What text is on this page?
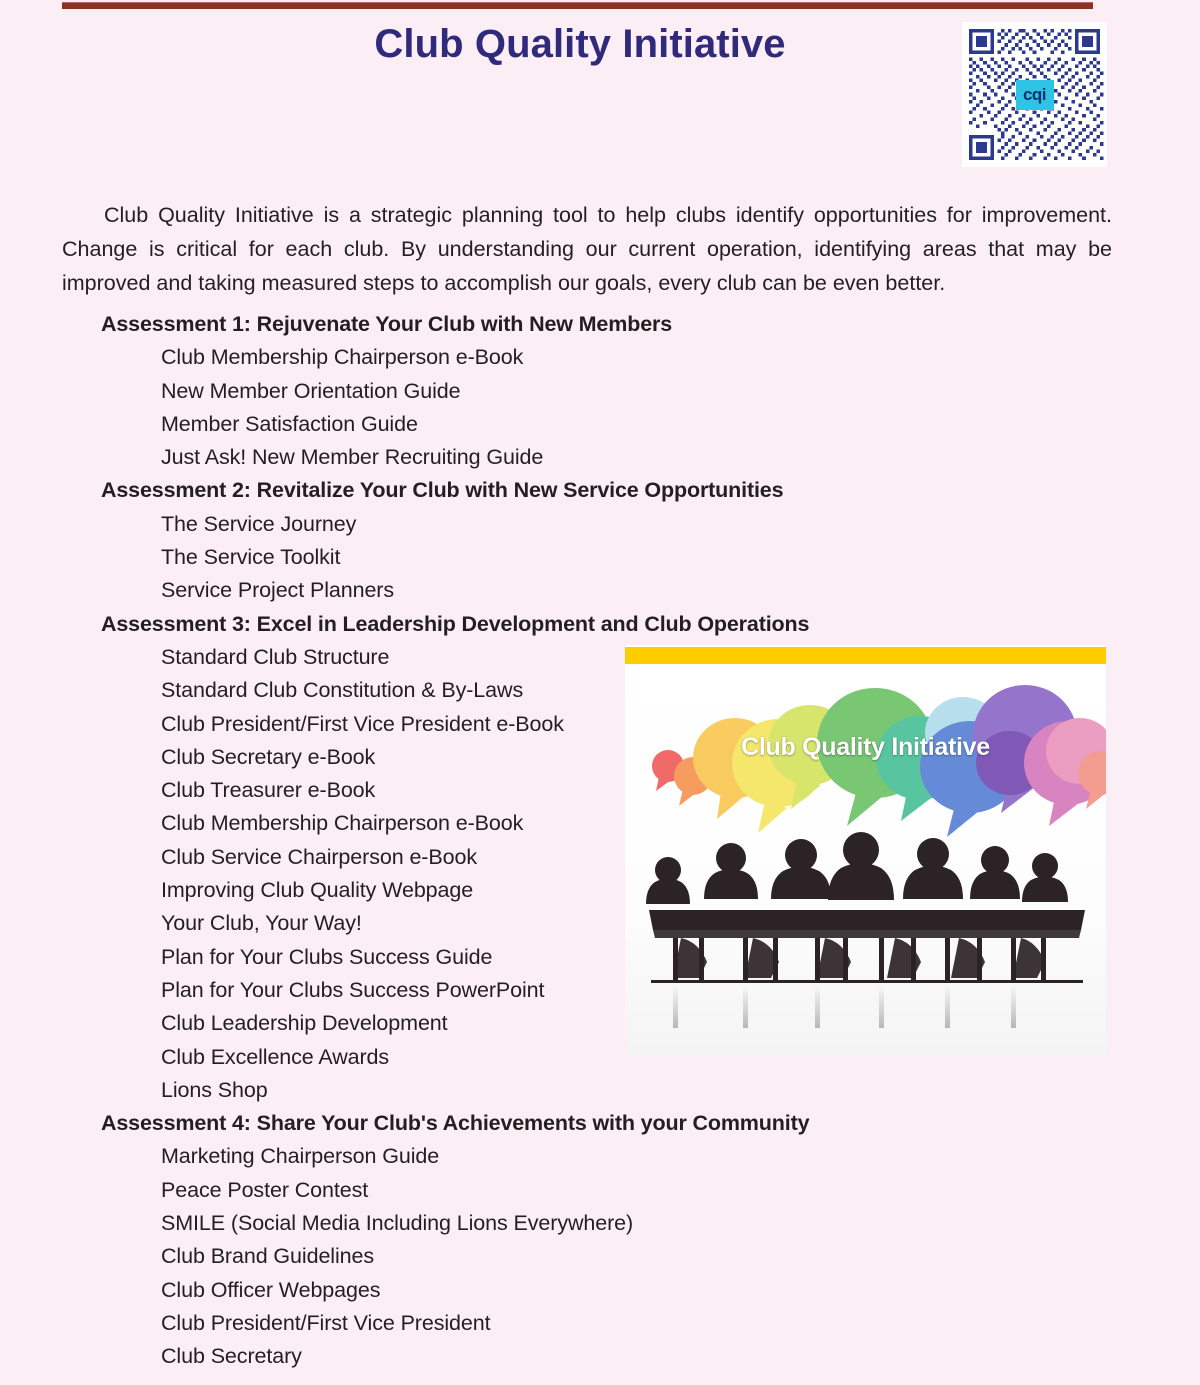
Club Quality Initiative
cqi

Club Quality Initiative is a strategic planning tool to help clubs identify opportunities for improvement. Change is critical for each club. By understanding our current operation, identifying areas that may be improved and taking measured steps to accomplish our goals, every club can be even better.

Assessment 1: Rejuvenate Your Club with New Members
Club Membership Chairperson e-Book
New Member Orientation Guide
Member Satisfaction Guide
Just Ask! New Member Recruiting Guide
Assessment 2: Revitalize Your Club with New Service Opportunities
The Service Journey
The Service Toolkit
Service Project Planners
Assessment 3: Excel in Leadership Development and Club Operations
Standard Club Structure
Standard Club Constitution & By-Laws
Club President/First Vice President e-Book
Club Secretary e-Book
Club Treasurer e-Book
Club Membership Chairperson e-Book
Club Service Chairperson e-Book
Improving Club Quality Webpage
Your Club, Your Way!
Plan for Your Clubs Success Guide
Plan for Your Clubs Success PowerPoint
Club Leadership Development
Club Excellence Awards
Lions Shop
Assessment 4: Share Your Club's Achievements with your Community
Marketing Chairperson Guide
Peace Poster Contest
SMILE (Social Media Including Lions Everywhere)
Club Brand Guidelines
Club Officer Webpages
Club President/First Vice President
Club Secretary
Club Quality Initiative
